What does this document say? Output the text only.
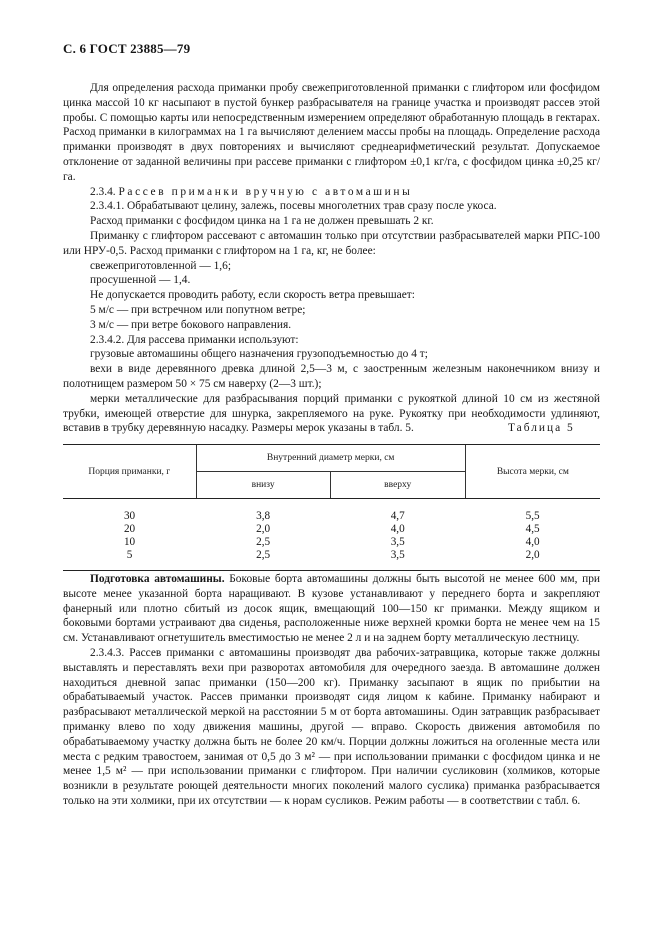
С. 6 ГОСТ 23885—79

Для определения расхода приманки пробу свежеприготовленной приманки с глифтором или фосфидом цинка массой 10 кг насыпают в пустой бункер разбрасывателя на границе участка и производят рассев этой пробы. С помощью карты или непосредственным измерением определяют обработанную площадь в гектарах. Расход приманки в килограммах на 1 га вычисляют делением массы пробы на площадь. Определение расхода приманки производят в двух повторениях и вычисляют среднеарифметический результат. Допускаемое отклонение от заданной величины при рассеве приманки с глифтором ±0,1 кг/га, с фосфидом цинка ±0,25 кг/га.

2.3.4. Рассев приманки вручную с автомашины

2.3.4.1. Обрабатывают целину, залежь, посевы многолетних трав сразу после укоса.

Расход приманки с фосфидом цинка на 1 га не должен превышать 2 кг.

Приманку с глифтором рассевают с автомашин только при отсутствии разбрасывателей марки РПС-100 или НРУ-0,5. Расход приманки с глифтором на 1 га, кг, не более:

свежеприготовленной — 1,6;

просушенной — 1,4.

Не допускается проводить работу, если скорость ветра превышает:

5 м/с — при встречном или попутном ветре;

3 м/с — при ветре бокового направления.

2.3.4.2. Для рассева приманки используют:

грузовые автомашины общего назначения грузоподъемностью до 4 т;

вехи в виде деревянного древка длиной 2,5—3 м, с заостренным железным наконечником внизу и полотнищем размером 50 × 75 см наверху (2—3 шт.);

мерки металлические для разбрасывания порций приманки с рукояткой длиной 10 см из жестяной трубки, имеющей отверстие для шнурка, закрепляемого на руке. Рукоятку при необходимости удлиняют, вставив в трубку деревянную насадку. Размеры мерок указаны в табл. 5.	Таблица 5
Порция приманки, г	Внутренний диаметр мерки, см		Высота мерки, см
	внизу	вверху	
30	3,8	4,7	5,5
20	2,0	4,0	4,5
10	2,5	3,5	4,0
5	2,5	3,5	2,0

Подготовка автомашины. Боковые борта автомашины должны быть высотой не менее 600 мм, при высоте менее указанной борта наращивают. В кузове устанавливают у переднего борта и закрепляют фанерный или плотно сбитый из досок ящик, вмещающий 100—150 кг приманки. Между ящиком и боковыми бортами устраивают два сиденья, расположенные ниже верхней кромки борта не менее чем на 15 см. Устанавливают огнетушитель вместимостью не менее 2 л и на заднем борту металлическую лестницу.

2.3.4.3. Рассев приманки с автомашины производят два рабочих-затравщика, которые также должны выставлять и переставлять вехи при разворотах автомобиля для очередного заезда. В автомашине должен находиться дневной запас приманки (150—200 кг). Приманку засыпают в ящик по прибытии на обрабатываемый участок. Рассев приманки производят сидя лицом к кабине. Приманку набирают и разбрасывают металлической меркой на расстоянии 5 м от борта автомашины. Один затравщик разбрасывает приманку влево по ходу движения машины, другой — вправо. Скорость движения автомобиля по обрабатываемому участку должна быть не более 20 км/ч. Порции должны ложиться на оголенные места или места с редким травостоем, занимая от 0,5 до 3 м² — при использовании приманки с фосфидом цинка и не менее 1,5 м² — при использовании приманки с глифтором. При наличии сусликовин (холмиков, которые возникли в результате роющей деятельности многих поколений малого суслика) приманка разбрасывается только на эти холмики, при их отсутствии — к норам сусликов. Режим работы — в соответствии с табл. 6.
